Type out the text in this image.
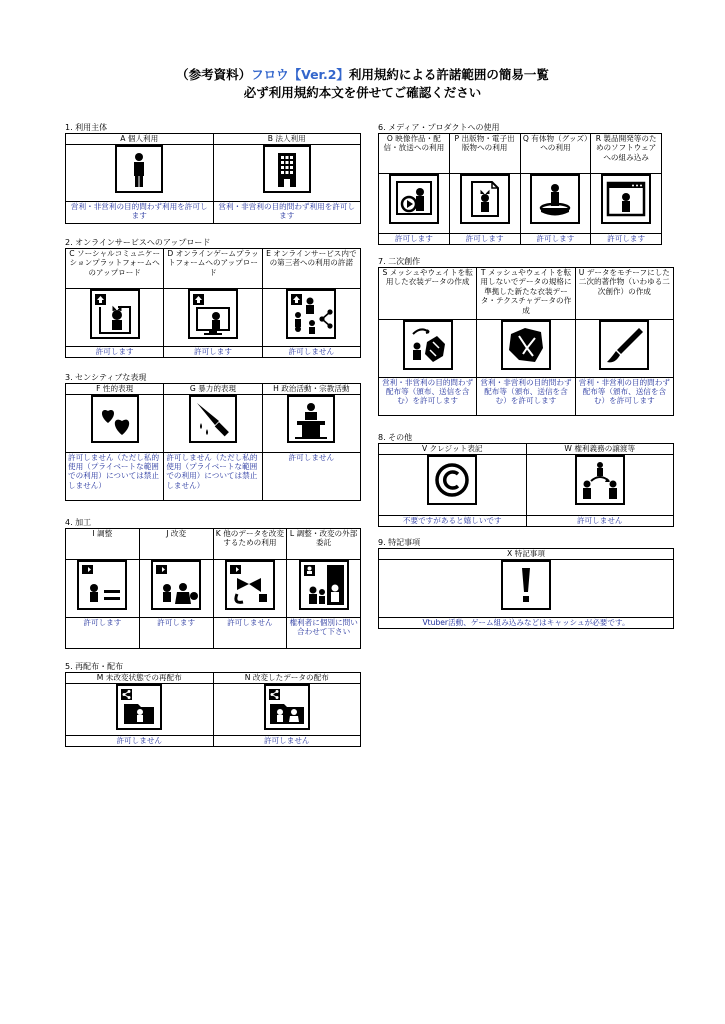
（参考資料）フロウ【Ver.2】利用規約による許諾範囲の簡易一覧
必ず利用規約本文を併せてご確認ください
1. 利用主体
A 個人利用	B 法人利用

営利・非営利の目的問わず利用を許可します	営利・非営利の目的問わず利用を許可します
2. オンラインサービスへのアップロード
C ソーシャルコミュニケーションプラットフォームへのアップロード	D オンラインゲームプラットフォームへのアップロード	E オンラインサービス内での第三者への利用の許諾

許可します	許可します	許可しません
3. センシティブな表現
F 性的表現	G 暴力的表現	H 政治活動・宗教活動

許可しません（ただし私的使用（プライベートな範囲での利用）については禁止しません）	許可しません（ただし私的使用（プライベートな範囲での利用）については禁止しません）	許可しません
4. 加工
I 調整	J 改変	K 他のデータを改変するための利用	L 調整・改変の外部委託

許可します	許可します	許可しません	権利者に個別に問い合わせて下さい
5. 再配布・配布
M 未改変状態での再配布	N 改変したデータの配布

許可しません	許可しません
6. メディア・プロダクトへの使用
O 映像作品・配信・放送への利用	P 出版物・電子出版物への利用	Q 有体物（グッズ）への利用	R 製品開発等のためのソフトウェアへの組み込み

許可します	許可します	許可します	許可します
7. 二次創作
S メッシュやウェイトを転用した衣装データの作成	T メッシュやウェイトを転用しないでデータの規格に準拠した新たな衣装データ・テクスチャデータの作成	U データをモチーフにした二次的著作物（いわゆる二次創作）の作成

営利・非営利の目的問わず配布等（頒布、送信を含む）を許可します	営利・非営利の目的問わず配布等（頒布、送信を含む）を許可します	営利・非営利の目的問わず配布等（頒布、送信を含む）を許可します
8. その他
V クレジット表記	W 権利義務の譲渡等

不要ですがあると嬉しいです	許可しません
9. 特記事項
X 特記事項

Vtuber活動、ゲーム組み込みなどはキャッシュが必要です。
